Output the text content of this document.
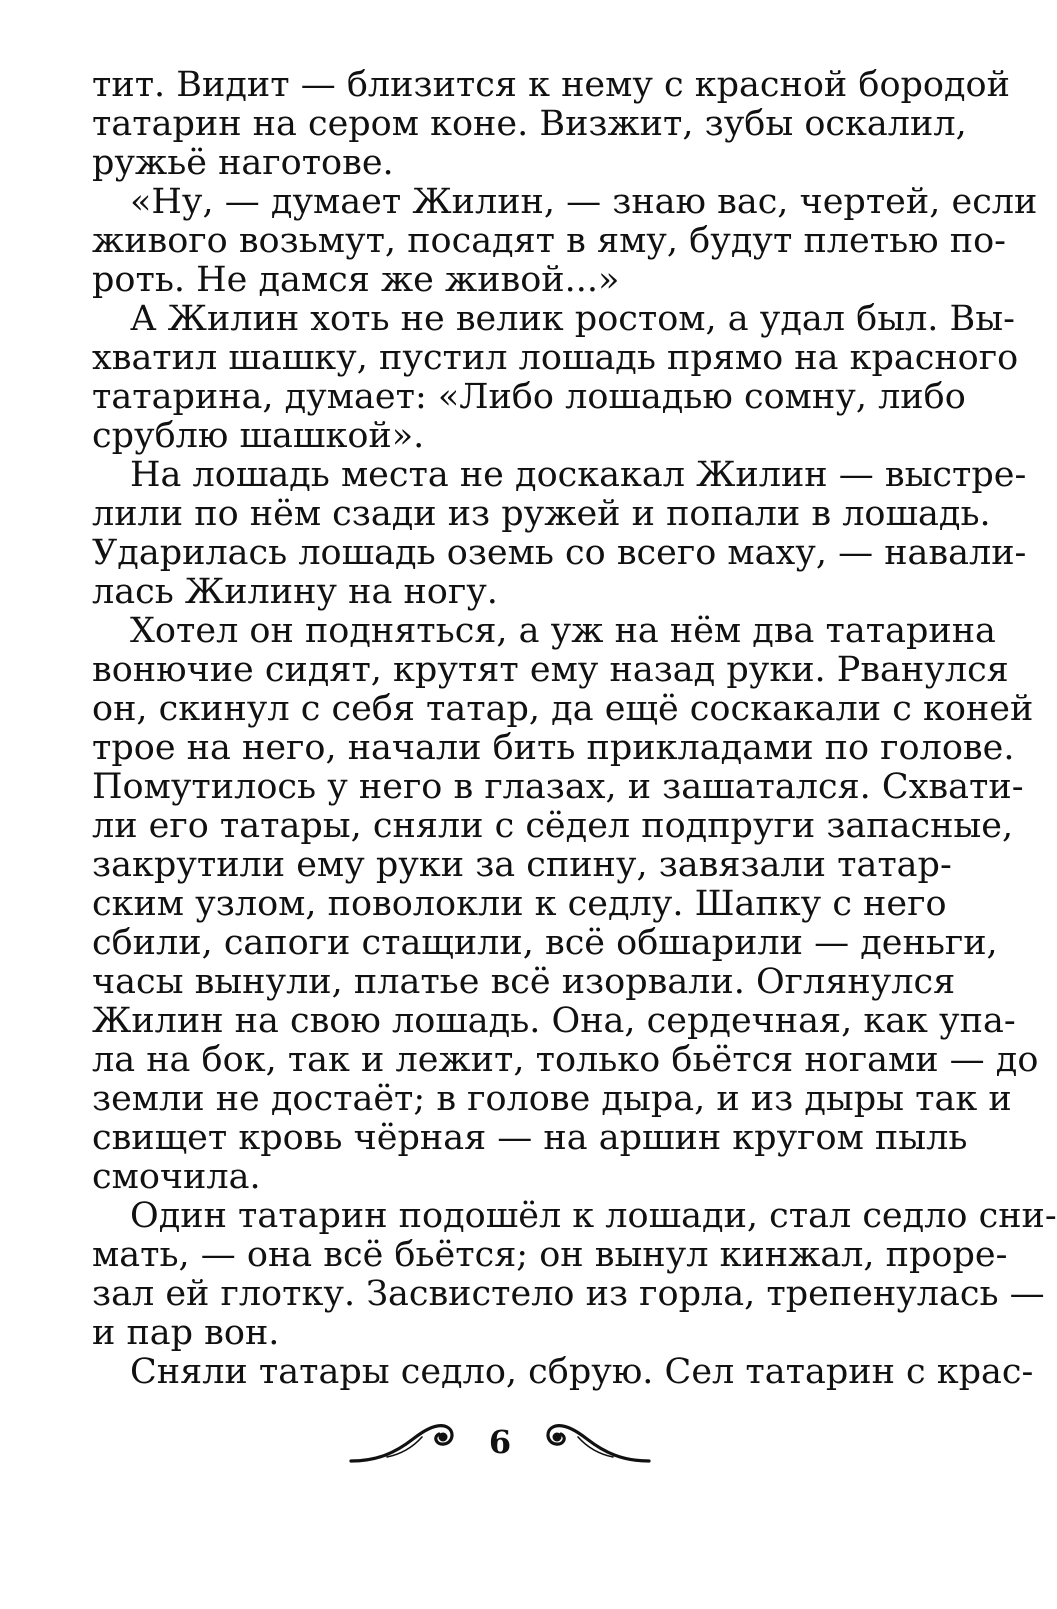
тит. Видит — близится к нему с красной бородой
татарин на сером коне. Визжит, зубы оскалил,
ружьё наготове.
«Ну, — думает Жилин, — знаю вас, чертей, если
живого возьмут, посадят в яму, будут плетью по-
роть. Не дамся же живой...»
А Жилин хоть не велик ростом, а удал был. Вы-
хватил шашку, пустил лошадь прямо на красного
татарина, думает: «Либо лошадью сомну, либо
срублю шашкой».
На лошадь места не доскакал Жилин — выстре-
лили по нём сзади из ружей и попали в лошадь.
Ударилась лошадь оземь со всего маху, — навали-
лась Жилину на ногу.
Хотел он подняться, а уж на нём два татарина
вонючие сидят, крутят ему назад руки. Рванулся
он, скинул с себя татар, да ещё соскакали с коней
трое на него, начали бить прикладами по голове.
Помутилось у него в глазах, и зашатался. Схвати-
ли его татары, сняли с сёдел подпруги запасные,
закрутили ему руки за спину, завязали татар-
ским узлом, поволокли к седлу. Шапку с него
сбили, сапоги стащили, всё обшарили — деньги,
часы вынули, платье всё изорвали. Оглянулся
Жилин на свою лошадь. Она, сердечная, как упа-
ла на бок, так и лежит, только бьётся ногами — до
земли не достаёт; в голове дыра, и из дыры так и
свищет кровь чёрная — на аршин кругом пыль
смочила.
Один татарин подошёл к лошади, стал седло сни-
мать, — она всё бьётся; он вынул кинжал, проре-
зал ей глотку. Засвистело из горла, трепенулась —
и пар вон.
Сняли татары седло, сбрую. Сел татарин с крас-
6
